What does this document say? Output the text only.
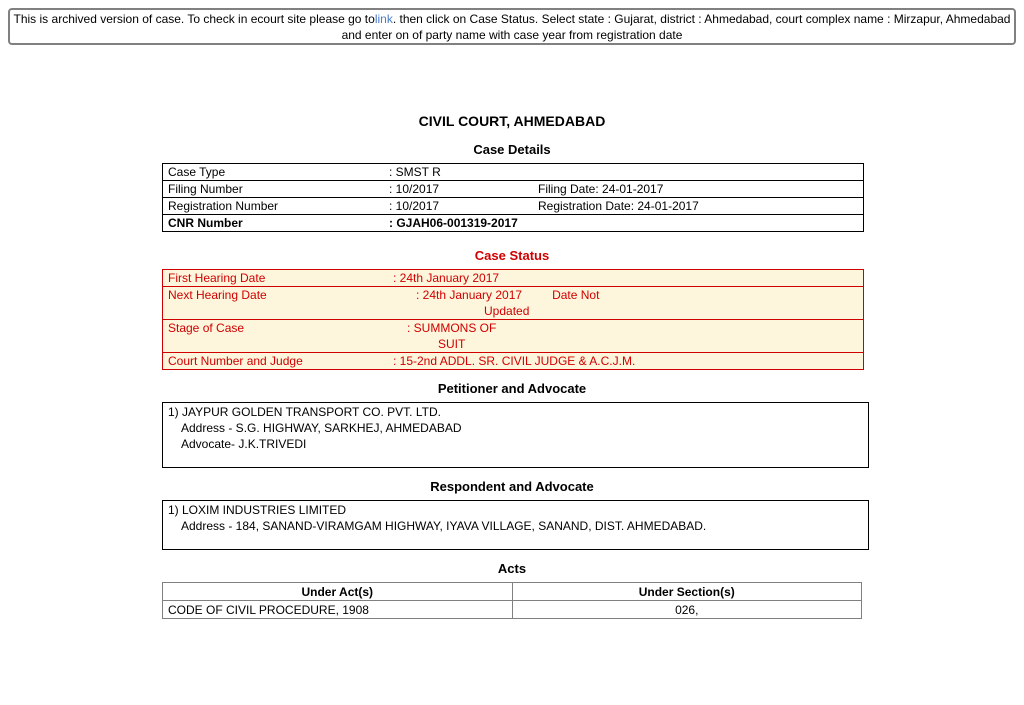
This is archived version of case. To check in ecourt site please go tolink. then click on Case Status. Select state : Gujarat, district : Ahmedabad, court complex name : Mirzapur, Ahmedabad and enter on of party name with case year from registration date
CIVIL COURT, AHMEDABAD
Case Details
Case Type	: SMST R	
Filing Number	: 10/2017	Filing Date: 24-01-2017
Registration Number	: 10/2017	Registration Date: 24-01-2017
CNR Number	: GJAH06-001319-2017	
Case Status
First Hearing Date	: 24th January 2017
Next Hearing Date	: 24th January 2017 Date Not
Updated
Stage of Case	: SUMMONS OF
SUIT
Court Number and Judge	: 15-2nd ADDL. SR. CIVIL JUDGE & A.C.J.M.
Petitioner and Advocate
1) JAYPUR GOLDEN TRANSPORT CO. PVT. LTD.
Address - S.G. HIGHWAY, SARKHEJ, AHMEDABAD
Advocate- J.K.TRIVEDI
Respondent and Advocate
1) LOXIM INDUSTRIES LIMITED
Address - 184, SANAND-VIRAMGAM HIGHWAY, IYAVA VILLAGE, SANAND, DIST. AHMEDABAD.
Acts
Under Act(s)	Under Section(s)
CODE OF CIVIL PROCEDURE, 1908	026,
